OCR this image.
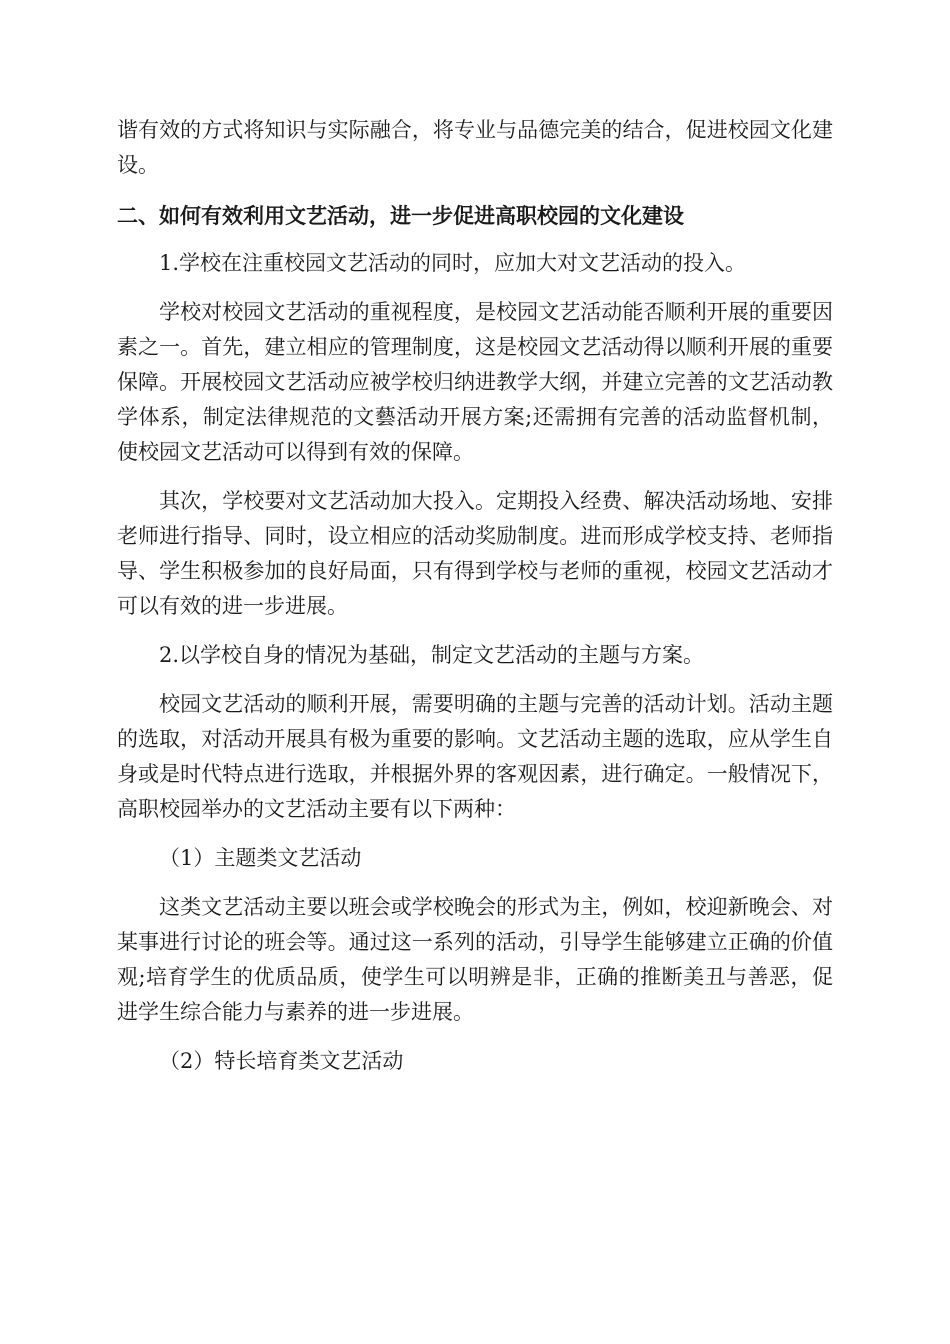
谐有效的方式将知识与实际融合，将专业与品德完美的结合，促进校园文化建设。

二、如何有效利用文艺活动，进一步促进高职校园的文化建设

1.学校在注重校园文艺活动的同时，应加大对文艺活动的投入。

学校对校园文艺活动的重视程度，是校园文艺活动能否顺利开展的重要因素之一。首先，建立相应的管理制度，这是校园文艺活动得以顺利开展的重要保障。开展校园文艺活动应被学校归纳进教学大纲，并建立完善的文艺活动教学体系，制定法律规范的文藝活动开展方案;还需拥有完善的活动监督机制，使校园文艺活动可以得到有效的保障。

其次，学校要对文艺活动加大投入。定期投入经费、解决活动场地、安排老师进行指导、同时，设立相应的活动奖励制度。进而形成学校支持、老师指导、学生积极参加的良好局面，只有得到学校与老师的重视，校园文艺活动才可以有效的进一步进展。

2.以学校自身的情况为基础，制定文艺活动的主题与方案。

校园文艺活动的顺利开展，需要明确的主题与完善的活动计划。活动主题的选取，对活动开展具有极为重要的影响。文艺活动主题的选取，应从学生自身或是时代特点进行选取，并根据外界的客观因素，进行确定。一般情况下，高职校园举办的文艺活动主要有以下两种：

（1）主题类文艺活动

这类文艺活动主要以班会或学校晚会的形式为主，例如，校迎新晚会、对某事进行讨论的班会等。通过这一系列的活动，引导学生能够建立正确的价值观;培育学生的优质品质，使学生可以明辨是非，正确的推断美丑与善恶，促进学生综合能力与素养的进一步进展。

（2）特长培育类文艺活动
